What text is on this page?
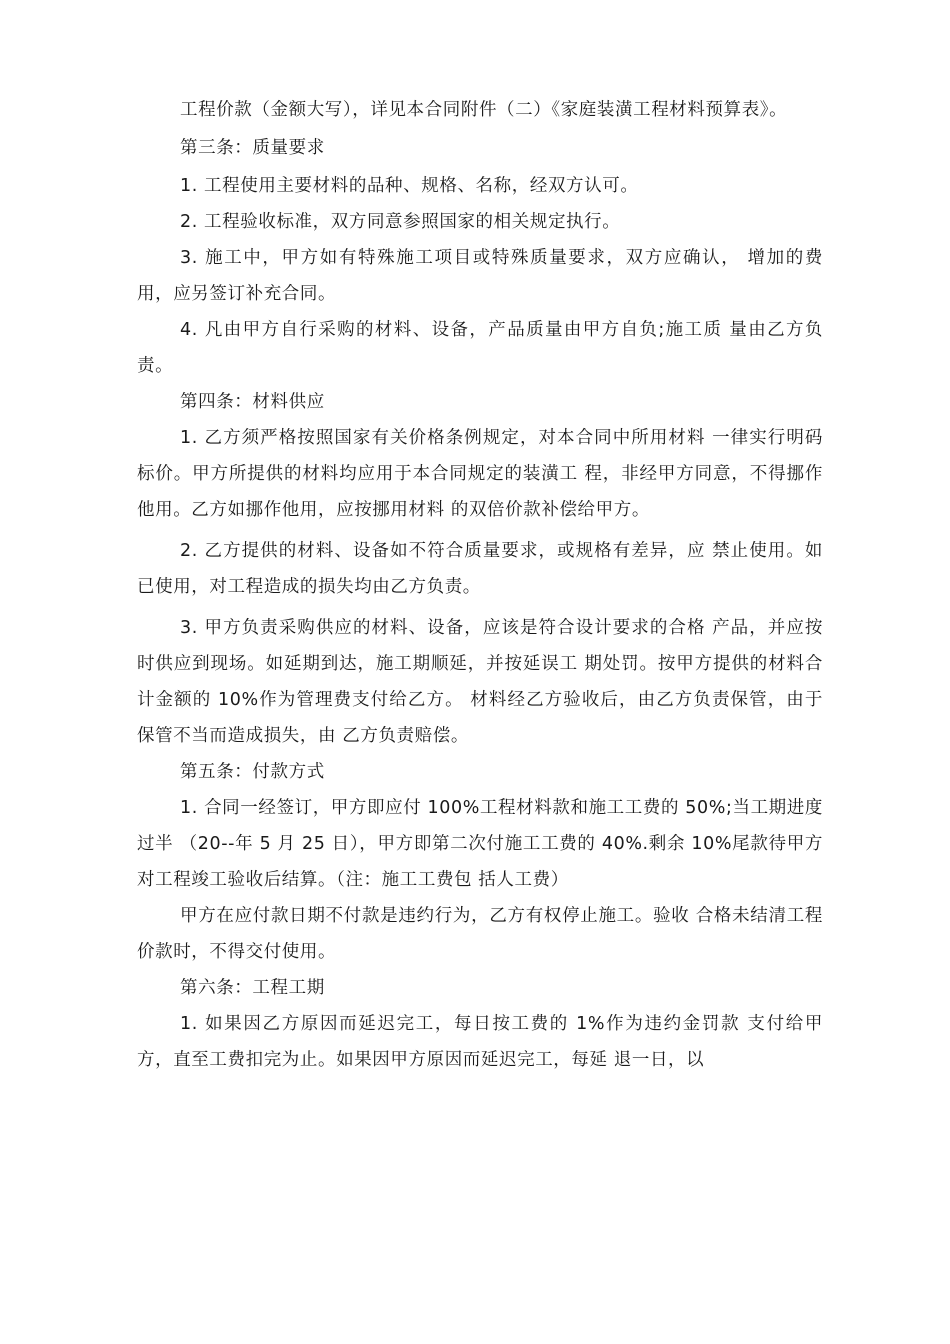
工程价款（金额大写），详见本合同附件（二）《家庭装潢工程材料预算表》。

第三条：质量要求

1. 工程使用主要材料的品种、规格、名称，经双方认可。

2. 工程验收标准，双方同意参照国家的相关规定执行。

3. 施工中，甲方如有特殊施工项目或特殊质量要求，双方应确认， 增加的费用，应另签订补充合同。

4. 凡由甲方自行采购的材料、设备，产品质量由甲方自负;施工质 量由乙方负责。

第四条：材料供应

1. 乙方须严格按照国家有关价格条例规定，对本合同中所用材料 一律实行明码标价。甲方所提供的材料均应用于本合同规定的装潢工 程，非经甲方同意，不得挪作他用。乙方如挪作他用，应按挪用材料 的双倍价款补偿给甲方。

2. 乙方提供的材料、设备如不符合质量要求，或规格有差异，应 禁止使用。如已使用，对工程造成的损失均由乙方负责。

3. 甲方负责采购供应的材料、设备，应该是符合设计要求的合格 产品，并应按时供应到现场。如延期到达，施工期顺延，并按延误工 期处罚。按甲方提供的材料合计金额的 10%作为管理费支付给乙方。 材料经乙方验收后，由乙方负责保管，由于保管不当而造成损失，由 乙方负责赔偿。

第五条：付款方式

1. 合同一经签订，甲方即应付 100%工程材料款和施工工费的 50%;当工期进度过半 （20--年 5 月 25 日），甲方即第二次付施工工费的 40%.剩余 10%尾款待甲方对工程竣工验收后结算。（注：施工工费包 括人工费）

甲方在应付款日期不付款是违约行为，乙方有权停止施工。验收 合格未结清工程价款时，不得交付使用。

第六条：工程工期

1. 如果因乙方原因而延迟完工，每日按工费的 1%作为违约金罚款 支付给甲方，直至工费扣完为止。如果因甲方原因而延迟完工，每延 退一日，以
